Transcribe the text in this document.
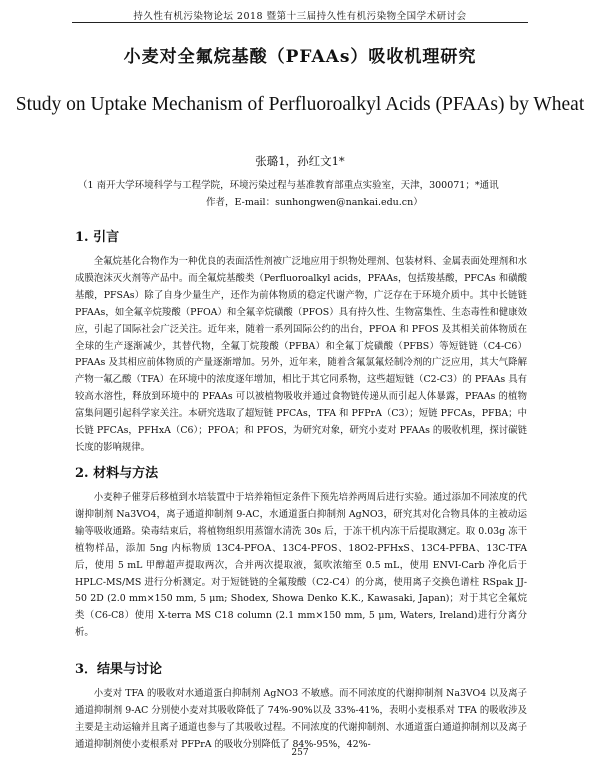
持久性有机污染物论坛 2018 暨第十三届持久性有机污染物全国学术研讨会
小麦对全氟烷基酸（PFAAs）吸收机理研究
Study on Uptake Mechanism of Perfluoroalkyl Acids (PFAAs) by Wheat
张璐1，孙红文1*
（1 南开大学环境科学与工程学院，环境污染过程与基准教育部重点实验室，天津，300071；*通讯
作者，E-mail：sunhongwen@nankai.edu.cn）
1. 引言
全氟烷基化合物作为一种优良的表面活性剂被广泛地应用于织物处理剂、包装材料、金属表面处理剂和水成膜泡沫灭火剂等产品中。而全氟烷基酸类（Perfluoroalkyl acids，PFAAs，包括羧基酸，PFCAs 和磺酸基酸，PFSAs）除了自身少量生产，还作为前体物质的稳定代谢产物，广泛存在于环境介质中。其中长链链 PFAAs，如全氟辛烷羧酸（PFOA）和全氟辛烷磺酸（PFOS）具有持久性、生物富集性、生态毒性和健康效应，引起了国际社会广泛关注。近年来，随着一系列国际公约的出台，PFOA 和 PFOS 及其相关前体物质在全球的生产逐渐减少，其替代物，全氟丁烷羧酸（PFBA）和全氟丁烷磺酸（PFBS）等短链链（C4-C6）PFAAs 及其相应前体物质的产量逐渐增加。另外，近年来，随着含氟氯氟烃制冷剂的广泛应用，其大气降解产物一氟乙酸（TFA）在环境中的浓度逐年增加，相比于其它同系物，这些超短链（C2-C3）的 PFAAs 具有较高水溶性，释放到环境中的 PFAAs 可以被植物吸收并通过食物链传递从而引起人体暴露，PFAAs 的植物富集问题引起科学家关注。本研究选取了超短链 PFCAs，TFA 和 PFPrA（C3）；短链 PFCAs，PFBA；中长链 PFCAs，PFHxA（C6）；PFOA；和 PFOS，为研究对象，研究小麦对 PFAAs 的吸收机理，探讨碳链长度的影响规律。
2. 材料与方法
小麦种子催芽后移植到水培装置中于培养箱恒定条件下预先培养两周后进行实验。通过添加不同浓度的代谢抑制剂 Na3VO4，离子通道抑制剂 9-AC，水通道蛋白抑制剂 AgNO3，研究其对化合物具体的主被动运输等吸收通路。染毒结束后，将植物组织用蒸馏水清洗 30s 后，于冻干机内冻干后提取测定。取 0.03g 冻干植物样品，添加 5ng 内标物质 13C4-PFOA、13C4-PFOS、18O2-PFHxS、13C4-PFBA、13C-TFA 后，使用 5 mL 甲醇超声提取两次，合并两次提取液，氮吹浓缩至 0.5 mL，使用 ENVI-Carb 净化后于 HPLC-MS/MS 进行分析测定。对于短链链的全氟羧酸（C2-C4）的分离，使用离子交换色谱柱 RSpak JJ-50 2D (2.0 mm×150 mm, 5 μm; Shodex, Showa Denko K.K., Kawasaki, Japan)；对于其它全氟烷类（C6-C8）使用 X-terra MS C18 column (2.1 mm×150 mm, 5 μm, Waters, Ireland)进行分离分析。
3．结果与讨论
小麦对 TFA 的吸收对水通道蛋白抑制剂 AgNO3 不敏感。而不同浓度的代谢抑制剂 Na3VO4 以及离子通道抑制剂 9-AC 分别使小麦对其吸收降低了 74%-90%以及 33%-41%，表明小麦根系对 TFA 的吸收涉及主要是主动运输并且离子通道也参与了其吸收过程。不同浓度的代谢抑制剂、水通道蛋白通道抑制剂以及离子通道抑制剂使小麦根系对 PFPrA 的吸收分别降低了 84%-95%，42%-
257
